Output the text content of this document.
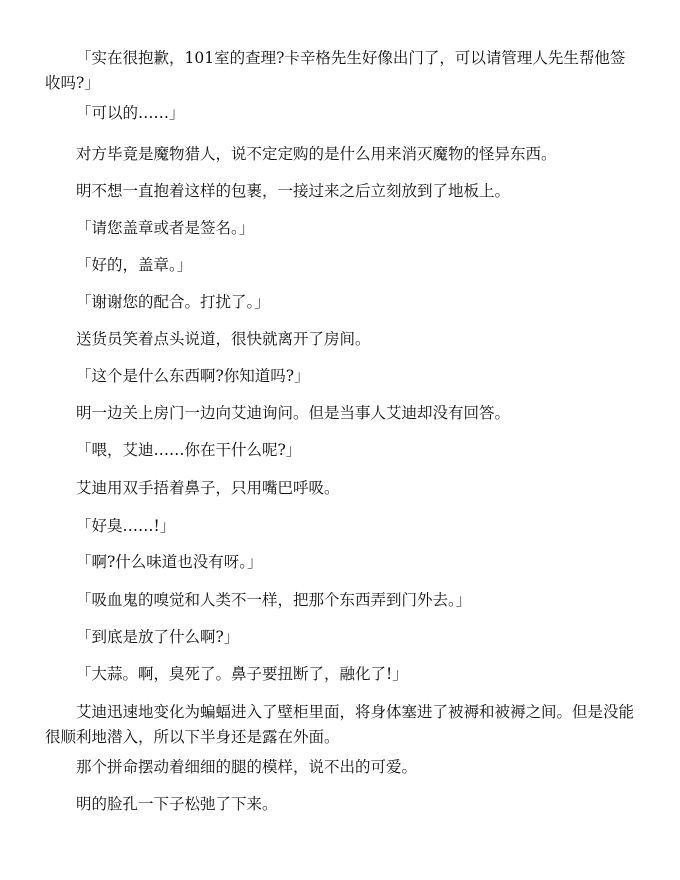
「实在很抱歉，101室的查理?卡辛格先生好像出门了，可以请管理人先生帮他签收吗?」

「可以的……」

对方毕竟是魔物猎人，说不定定购的是什么用来消灭魔物的怪异东西。

明不想一直抱着这样的包裹，一接过来之后立刻放到了地板上。

「请您盖章或者是签名。」

「好的，盖章。」

「谢谢您的配合。打扰了。」

送货员笑着点头说道，很快就离开了房间。

「这个是什么东西啊?你知道吗?」

明一边关上房门一边向艾迪询问。但是当事人艾迪却没有回答。

「喂，艾迪……你在干什么呢?」

艾迪用双手捂着鼻子，只用嘴巴呼吸。

「好臭……!」

「啊?什么味道也没有呀。」

「吸血鬼的嗅觉和人类不一样，把那个东西弄到门外去。」

「到底是放了什么啊?」

「大蒜。啊，臭死了。鼻子要扭断了，融化了!」

艾迪迅速地变化为蝙蝠进入了壁柜里面，将身体塞进了被褥和被褥之间。但是没能很顺利地潜入，所以下半身还是露在外面。

那个拼命摆动着细细的腿的模样，说不出的可爱。

明的脸孔一下子松弛了下来。
